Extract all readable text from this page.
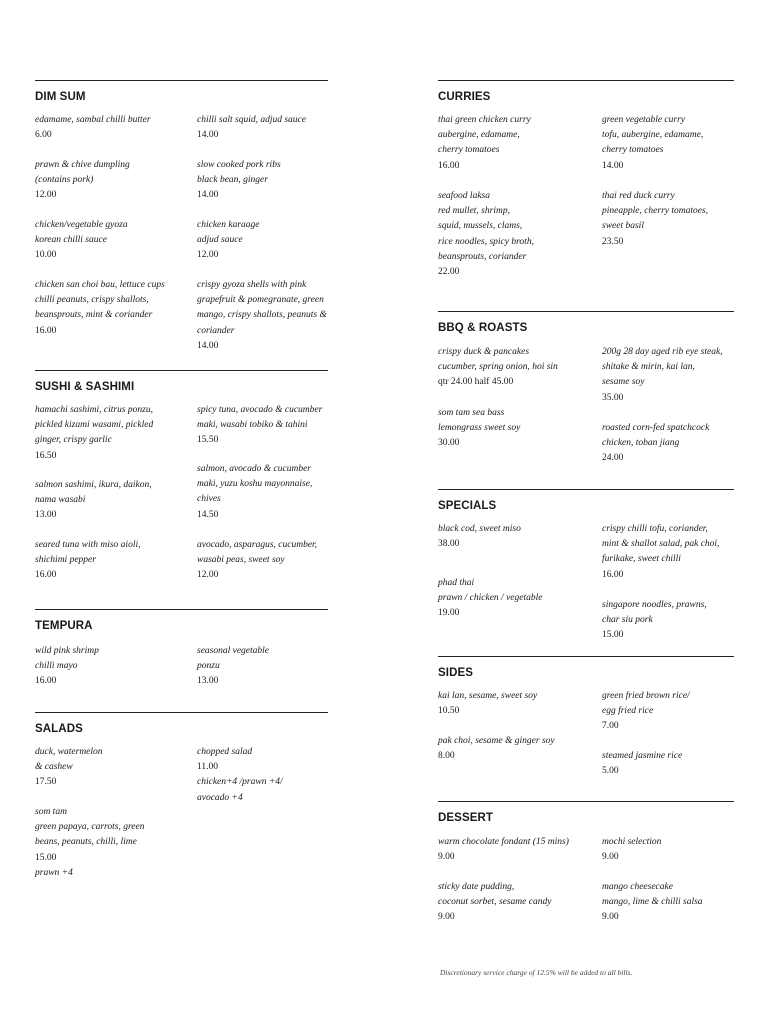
DIM SUM
edamame, sambal chilli butter
6.00
prawn & chive dumpling
(contains pork)
12.00
chicken/vegetable gyoza
korean chilli sauce
10.00
chicken san choi bau, lettuce cups
chilli peanuts, crispy shallots,
beansprouts, mint & coriander
16.00
chilli salt squid, adjud sauce
14.00
slow cooked pork ribs
black bean, ginger
14.00
chicken karaage
adjud sauce
12.00
crispy gyoza shells with pink
grapefruit & pomegranate, green
mango, crispy shallots, peanuts &
coriander
14.00
SUSHI & SASHIMI
hamachi sashimi, citrus ponzu,
pickled kizami wasami, pickled
ginger, crispy garlic
16.50
salmon sashimi, ikura, daikon,
nama wasabi
13.00
seared tuna with miso aioli,
shichimi pepper
16.00
spicy tuna, avocado & cucumber
maki, wasabi tobiko & tahini
15.50
salmon, avocado & cucumber
maki, yuzu koshu mayonnaise,
chives
14.50
avocado, asparagus, cucumber,
wasabi peas, sweet soy
12.00
TEMPURA
wild pink shrimp
chilli mayo
16.00
seasonal vegetable
ponzu
13.00
SALADS
duck, watermelon
& cashew
17.50
som tam
green papaya, carrots, green
beans, peanuts, chilli, lime
15.00
prawn +4
chopped salad
11.00
chicken+4 /prawn +4/
avocado +4
CURRIES
thai green chicken curry
aubergine, edamame,
cherry tomatoes
16.00
seafood laksa
red mullet, shrimp,
squid, mussels, clams,
rice noodles, spicy broth,
beansprouts, coriander
22.00
green vegetable curry
tofu, aubergine, edamame,
cherry tomatoes
14.00
thai red duck curry
pineapple, cherry tomatoes,
sweet basil
23.50
BBQ & ROASTS
crispy duck & pancakes
cucumber, spring onion, hoi sin
qtr 24.00 half 45.00
som tam sea bass
lemongrass sweet soy
30.00
200g 28 day aged rib eye steak,
shitake & mirin, kai lan,
sesame soy
35.00
roasted corn-fed spatchcock
chicken, toban jiang
24.00
SPECIALS
black cod, sweet miso
38.00
phad thai
prawn / chicken / vegetable
19.00
crispy chilli tofu, coriander,
mint & shallot salad, pak choi,
furikake, sweet chilli
16.00
singapore noodles, prawns,
char siu pork
15.00
SIDES
kai lan, sesame, sweet soy
10.50
pak choi, sesame & ginger soy
8.00
green fried brown rice/
egg fried rice
7.00
steamed jasmine rice
5.00
DESSERT
warm chocolate fondant (15 mins)
9.00
sticky date pudding,
coconut sorbet, sesame candy
9.00
mochi selection
9.00
mango cheesecake
mango, lime & chilli salsa
9.00
Discretionary service charge of 12.5% will be added to all bills.
